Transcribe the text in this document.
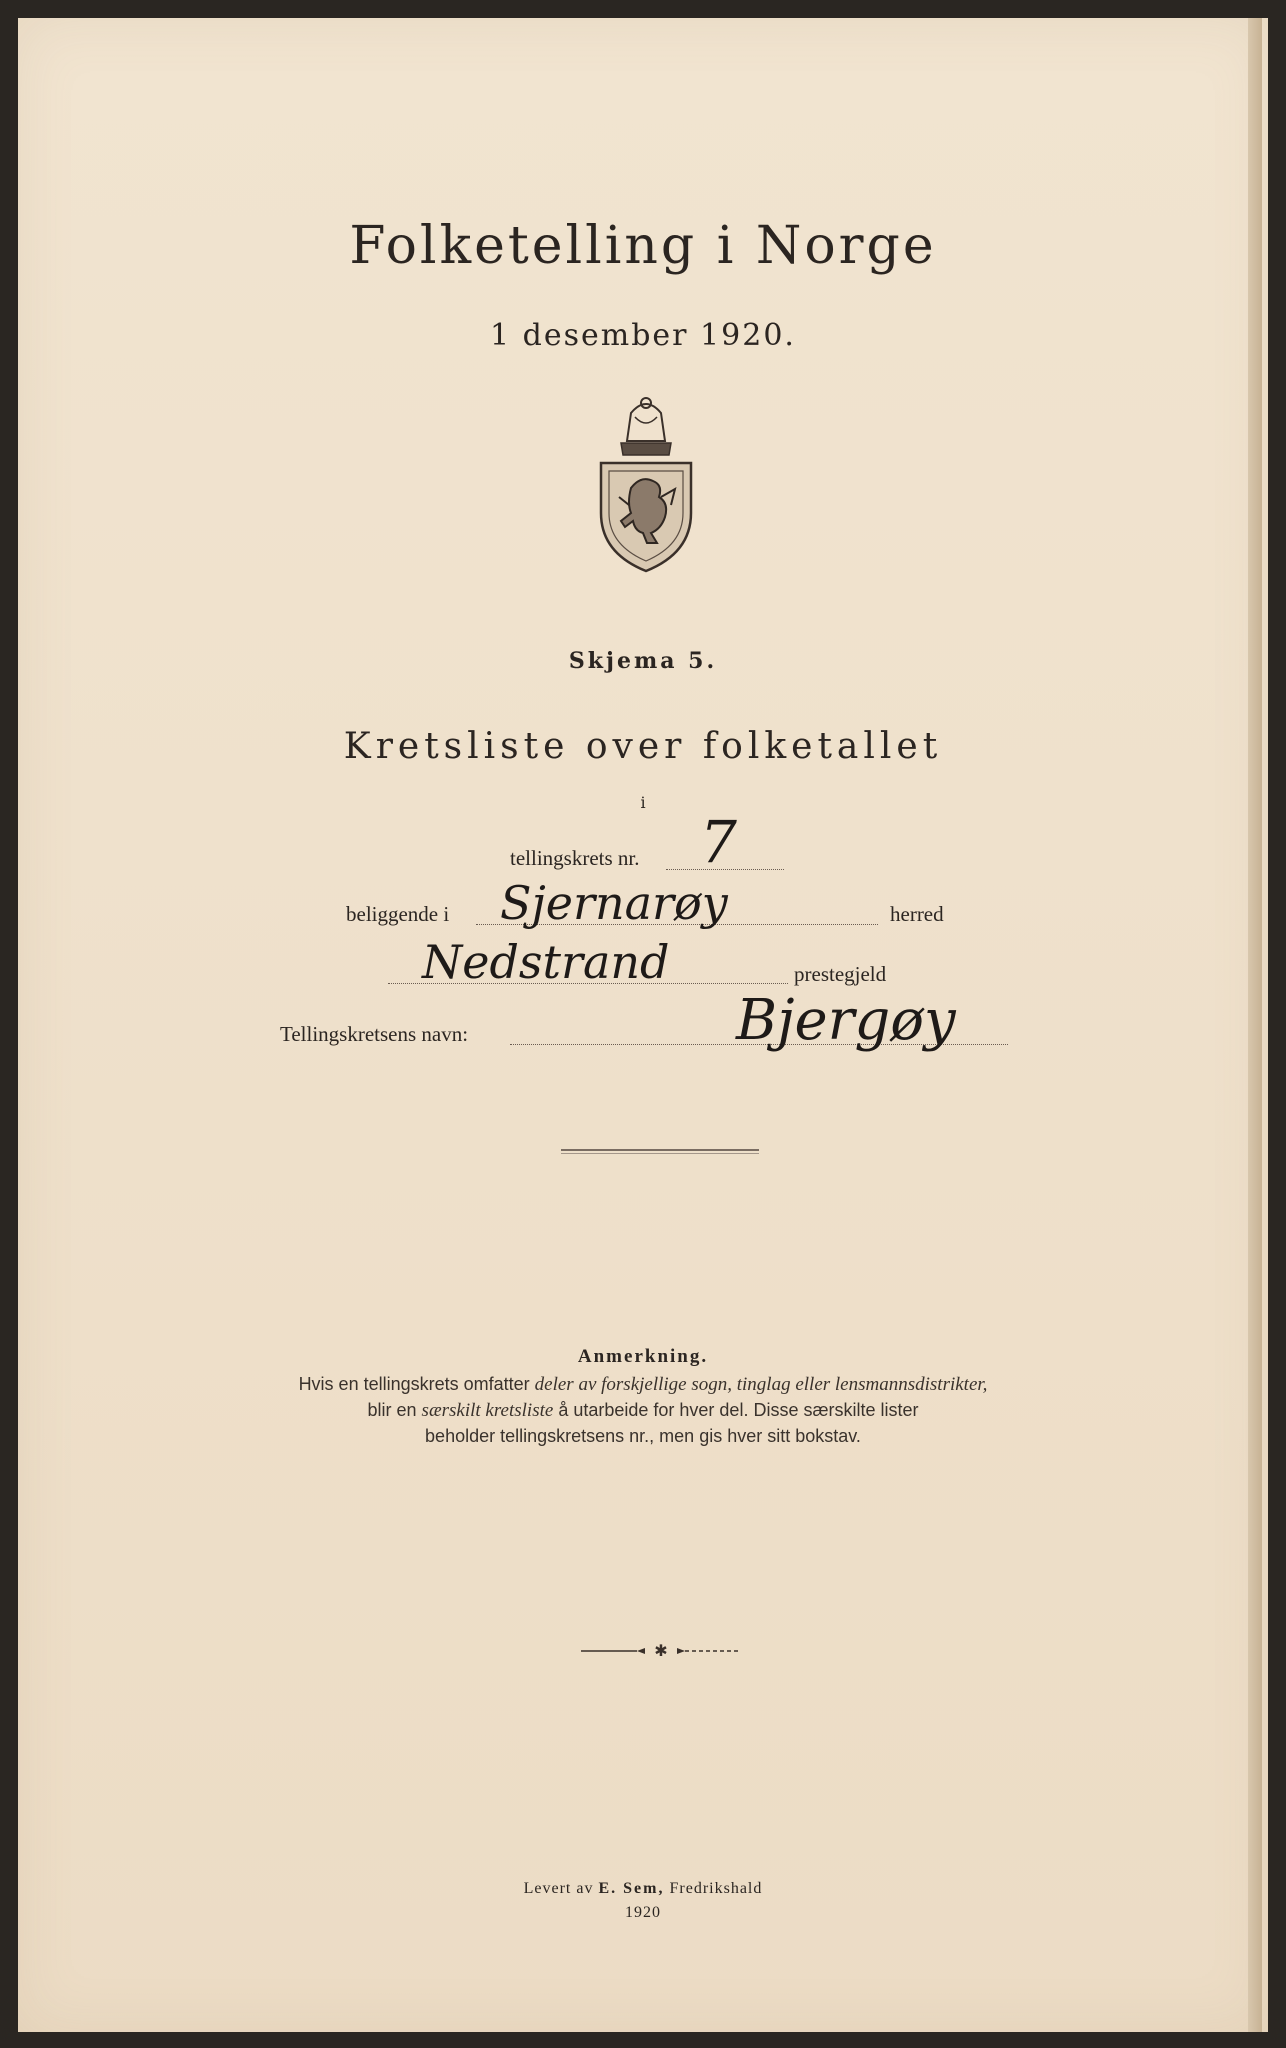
Folketelling i Norge
1 desember 1920.
Skjema 5.
Kretsliste over folketallet
i
tellingskrets nr. 7
beliggende i Sjernarøy	herred
Nedstrand	prestegjeld
Tellingskretsens navn:	Bjergøy
Anmerkning.
Hvis en tellingskrets omfatter deler av forskjellige sogn, tinglag eller lensmannsdistrikter,
blir en særskilt kretsliste å utarbeide for hver del. Disse særskilte lister
beholder tellingskretsens nr., men gis hver sitt bokstav.
✱
Levert av E. Sem, Fredrikshald
1920
